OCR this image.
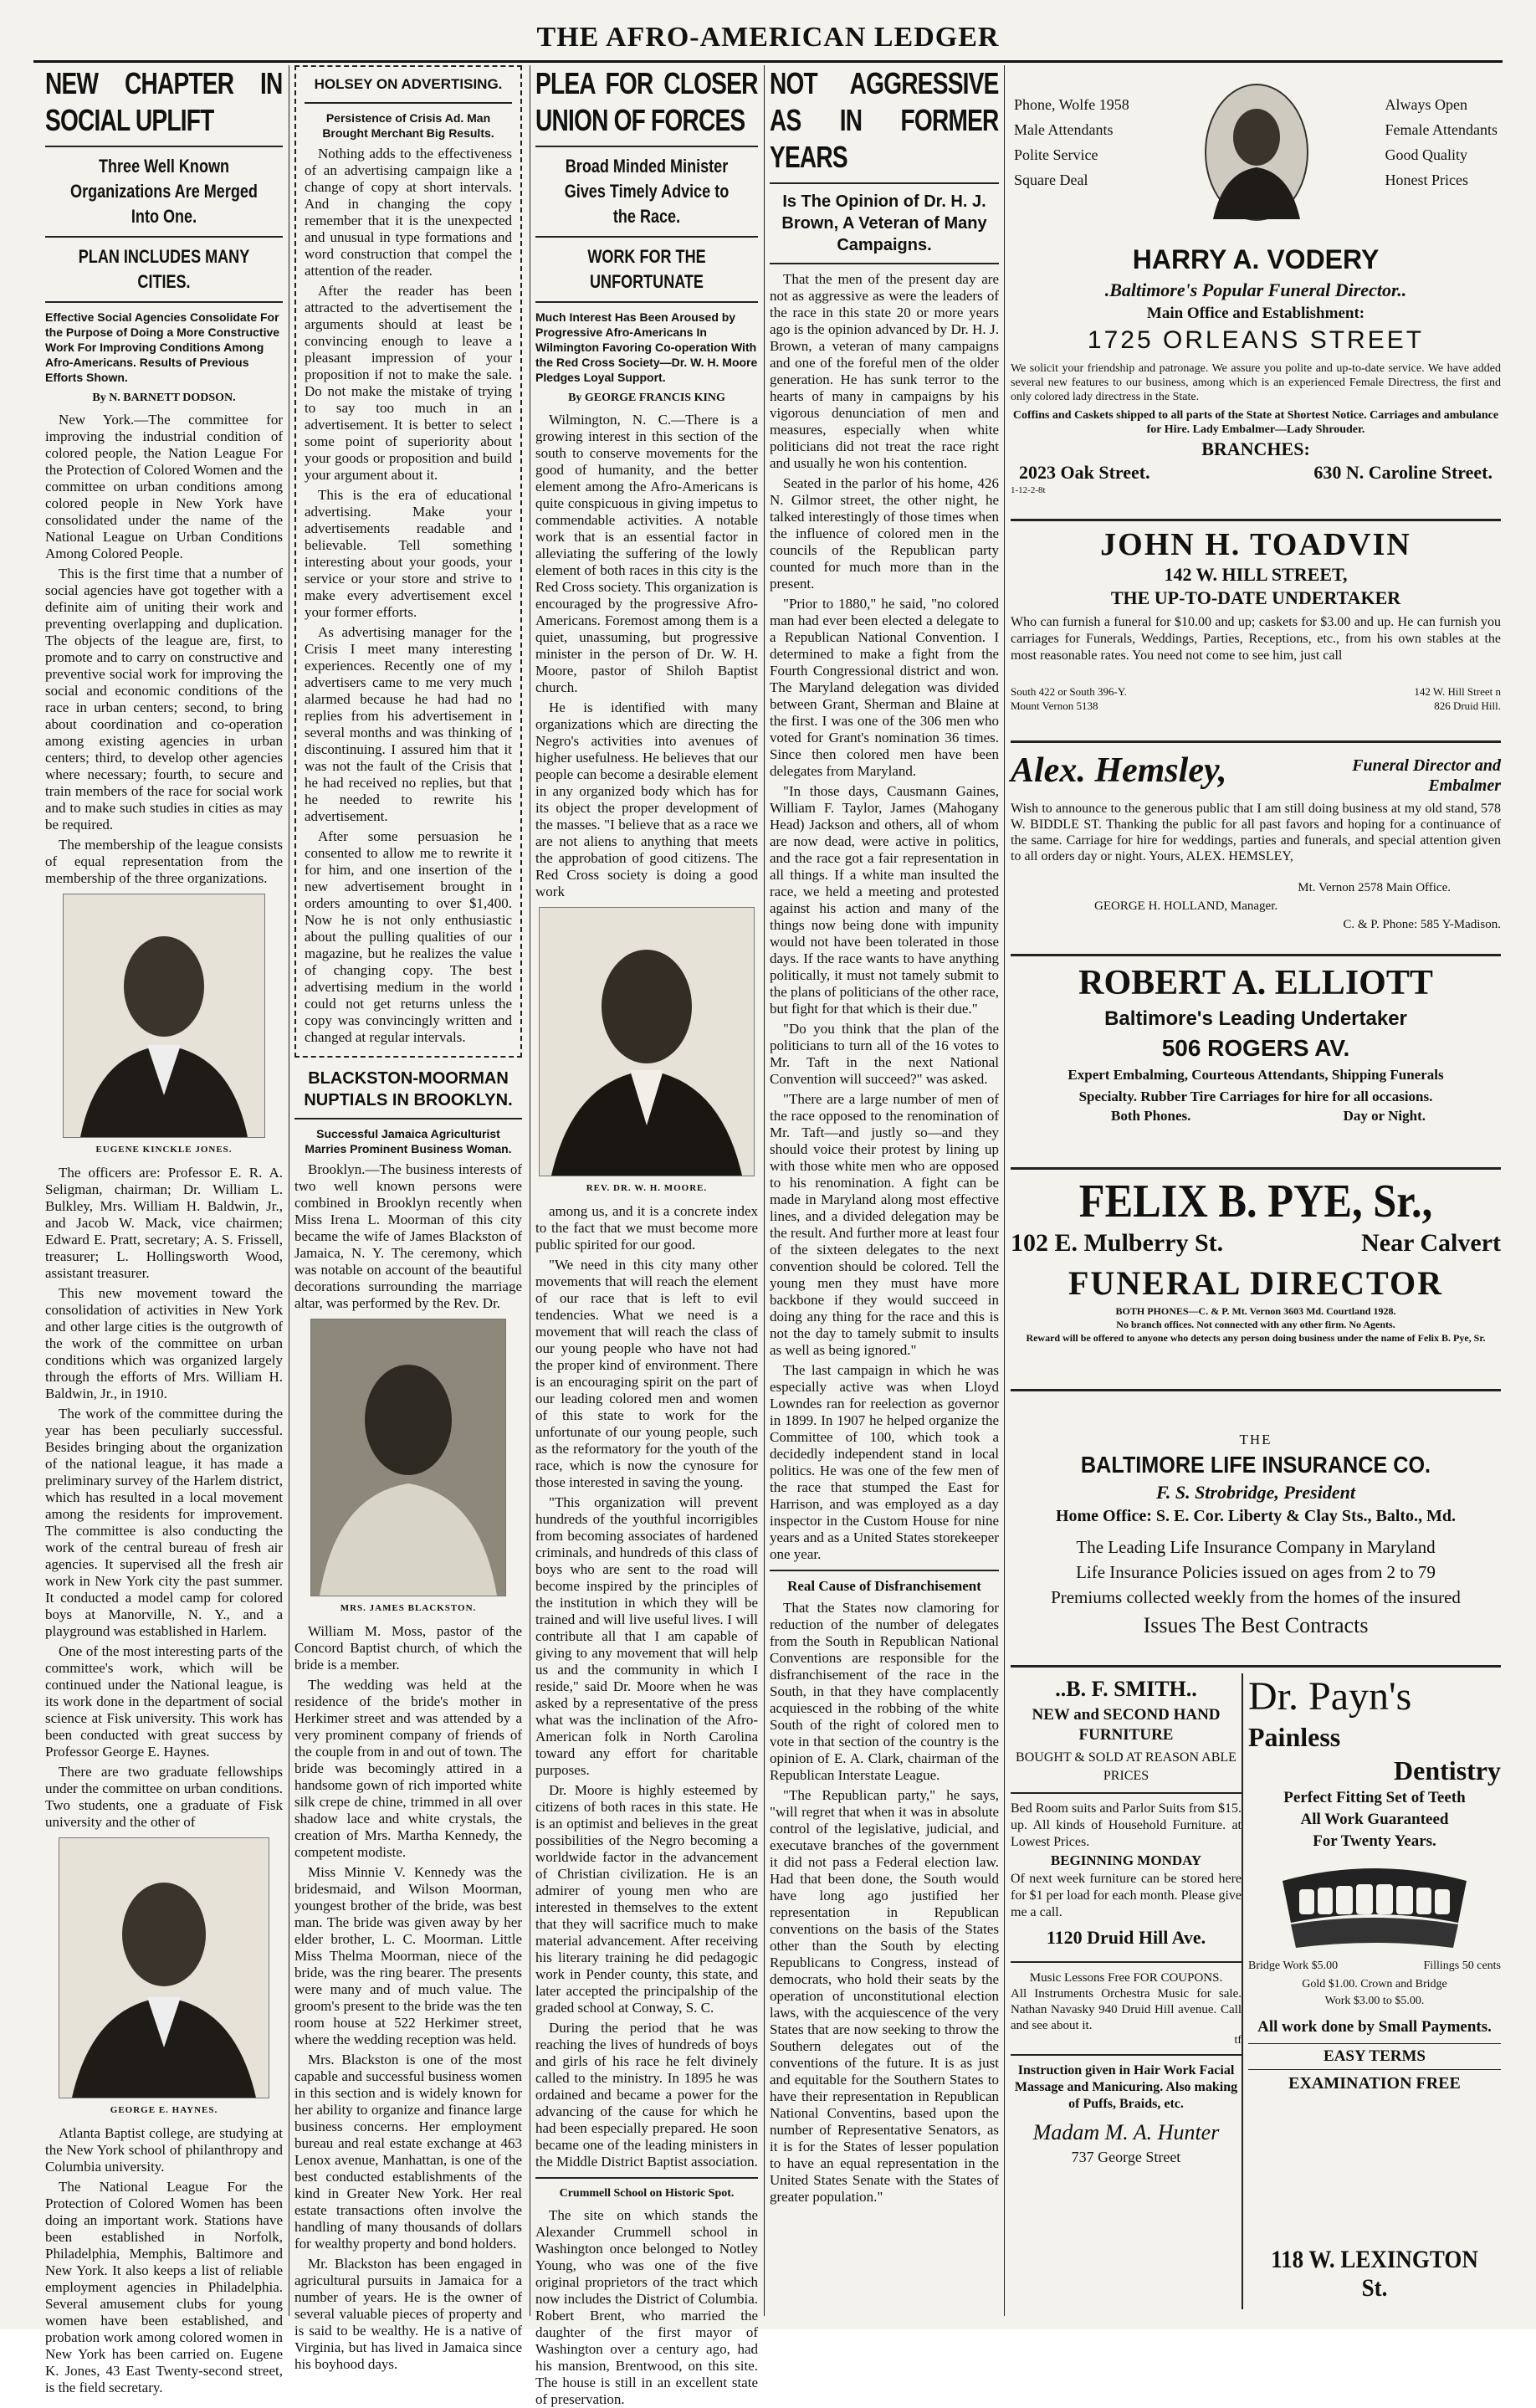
THE AFRO-AMERICAN LEDGER
NEW CHAPTER IN SOCIAL UPLIFT
Three Well Known Organizations Are Merged Into One.
PLAN INCLUDES MANY CITIES.
Effective Social Agencies Consolidate For the Purpose of Doing a More Constructive Work For Improving Conditions Among Afro-Americans. Results of Previous Efforts Shown.
By N. BARNETT DODSON.

New York.—The committee for improving the industrial condition of colored people, the Nation League For the Protection of Colored Women and the committee on urban conditions among colored people in New York have consolidated under the name of the National League on Urban Conditions Among Colored People.

This is the first time that a number of social agencies have got together with a definite aim of uniting their work and preventing overlapping and duplication. The objects of the league are, first, to promote and to carry on constructive and preventive social work for improving the social and economic conditions of the race in urban centers; second, to bring about coordination and co-operation among existing agencies in urban centers; third, to develop other agencies where necessary; fourth, to secure and train members of the race for social work and to make such studies in cities as may be required.

The membership of the league consists of equal representation from the membership of the three organizations.

EUGENE KINCKLE JONES.

The officers are: Professor E. R. A. Seligman, chairman; Dr. William L. Bulkley, Mrs. William H. Baldwin, Jr., and Jacob W. Mack, vice chairmen; Edward E. Pratt, secretary; A. S. Frissell, treasurer; L. Hollingsworth Wood, assistant treasurer.

This new movement toward the consolidation of activities in New York and other large cities is the outgrowth of the work of the committee on urban conditions which was organized largely through the efforts of Mrs. William H. Baldwin, Jr., in 1910.

The work of the committee during the year has been peculiarly successful. Besides bringing about the organization of the national league, it has made a preliminary survey of the Harlem district, which has resulted in a local movement among the residents for improvement. The committee is also conducting the work of the central bureau of fresh air agencies. It supervised all the fresh air work in New York city the past summer. It conducted a model camp for colored boys at Manorville, N. Y., and a playground was established in Harlem.

One of the most interesting parts of the committee's work, which will be continued under the National league, is its work done in the department of social science at Fisk university. This work has been conducted with great success by Professor George E. Haynes.

There are two graduate fellowships under the committee on urban conditions. Two students, one a graduate of Fisk university and the other of

GEORGE E. HAYNES.

Atlanta Baptist college, are studying at the New York school of philanthropy and Columbia university.

The National League For the Protection of Colored Women has been doing an important work. Stations have been established in Norfolk, Philadelphia, Memphis, Baltimore and New York. It also keeps a list of reliable employment agencies in Philadelphia. Several amusement clubs for young women have been established, and probation work among colored women in New York has been carried on. Eugene K. Jones, 43 East Twenty-second street, is the field secretary.

HOLSEY ON ADVERTISING.
Persistence of Crisis Ad. Man Brought Merchant Big Results.

Nothing adds to the effectiveness of an advertising campaign like a change of copy at short intervals. And in changing the copy remember that it is the unexpected and unusual in type formations and word construction that compel the attention of the reader.

After the reader has been attracted to the advertisement the arguments should at least be convincing enough to leave a pleasant impression of your proposition if not to make the sale. Do not make the mistake of trying to say too much in an advertisement. It is better to select some point of superiority about your goods or proposition and build your argument about it.

This is the era of educational advertising. Make your advertisements readable and believable. Tell something interesting about your goods, your service or your store and strive to make every advertisement excel your former efforts.

As advertising manager for the Crisis I meet many interesting experiences. Recently one of my advertisers came to me very much alarmed because he had had no replies from his advertisement in several months and was thinking of discontinuing. I assured him that it was not the fault of the Crisis that he had received no replies, but that he needed to rewrite his advertisement.

After some persuasion he consented to allow me to rewrite it for him, and one insertion of the new advertisement brought in orders amounting to over $1,400. Now he is not only enthusiastic about the pulling qualities of our magazine, but he realizes the value of changing copy. The best advertising medium in the world could not get returns unless the copy was convincingly written and changed at regular intervals.

BLACKSTON-MOORMAN NUPTIALS IN BROOKLYN.
Successful Jamaica Agriculturist Marries Prominent Business Woman.

Brooklyn.—The business interests of two well known persons were combined in Brooklyn recently when Miss Irena L. Moorman of this city became the wife of James Blackston of Jamaica, N. Y. The ceremony, which was notable on account of the beautiful decorations surrounding the marriage altar, was performed by the Rev. Dr.

MRS. JAMES BLACKSTON.

William M. Moss, pastor of the Concord Baptist church, of which the bride is a member.

The wedding was held at the residence of the bride's mother in Herkimer street and was attended by a very prominent company of friends of the couple from in and out of town. The bride was becomingly attired in a handsome gown of rich imported white silk crepe de chine, trimmed in all over shadow lace and white crystals, the creation of Mrs. Martha Kennedy, the competent modiste.

Miss Minnie V. Kennedy was the bridesmaid, and Wilson Moorman, youngest brother of the bride, was best man. The bride was given away by her elder brother, L. C. Moorman. Little Miss Thelma Moorman, niece of the bride, was the ring bearer. The presents were many and of much value. The groom's present to the bride was the ten room house at 522 Herkimer street, where the wedding reception was held.

Mrs. Blackston is one of the most capable and successful business women in this section and is widely known for her ability to organize and finance large business concerns. Her employment bureau and real estate exchange at 463 Lenox avenue, Manhattan, is one of the best conducted establishments of the kind in Greater New York. Her real estate transactions often involve the handling of many thousands of dollars for wealthy property and bond holders.

Mr. Blackston has been engaged in agricultural pursuits in Jamaica for a number of years. He is the owner of several valuable pieces of property and is said to be wealthy. He is a native of Virginia, but has lived in Jamaica since his boyhood days.

PLEA FOR CLOSER UNION OF FORCES
Broad Minded Minister Gives Timely Advice to the Race.
WORK FOR THE UNFORTUNATE
Much Interest Has Been Aroused by Progressive Afro-Americans In Wilmington Favoring Co-operation With the Red Cross Society—Dr. W. H. Moore Pledges Loyal Support.
By GEORGE FRANCIS KING

Wilmington, N. C.—There is a growing interest in this section of the south to conserve movements for the good of humanity, and the better element among the Afro-Americans is quite conspicuous in giving impetus to commendable activities. A notable work that is an essential factor in alleviating the suffering of the lowly element of both races in this city is the Red Cross society. This organization is encouraged by the progressive Afro-Americans. Foremost among them is a quiet, unassuming, but progressive minister in the person of Dr. W. H. Moore, pastor of Shiloh Baptist church.

He is identified with many organizations which are directing the Negro's activities into avenues of higher usefulness. He believes that our people can become a desirable element in any organized body which has for its object the proper development of the masses. "I believe that as a race we are not aliens to anything that meets the approbation of good citizens. The Red Cross society is doing a good work

REV. DR. W. H. MOORE.

among us, and it is a concrete index to the fact that we must become more public spirited for our good.

"We need in this city many other movements that will reach the element of our race that is left to evil tendencies. What we need is a movement that will reach the class of our young people who have not had the proper kind of environment. There is an encouraging spirit on the part of our leading colored men and women of this state to work for the unfortunate of our young people, such as the reformatory for the youth of the race, which is now the cynosure for those interested in saving the young.

"This organization will prevent hundreds of the youthful incorrigibles from becoming associates of hardened criminals, and hundreds of this class of boys who are sent to the road will become inspired by the principles of the institution in which they will be trained and will live useful lives. I will contribute all that I am capable of giving to any movement that will help us and the community in which I reside," said Dr. Moore when he was asked by a representative of the press what was the inclination of the Afro-American folk in North Carolina toward any effort for charitable purposes.

Dr. Moore is highly esteemed by citizens of both races in this state. He is an optimist and believes in the great possibilities of the Negro becoming a worldwide factor in the advancement of Christian civilization. He is an admirer of young men who are interested in themselves to the extent that they will sacrifice much to make material advancement. After receiving his literary training he did pedagogic work in Pender county, this state, and later accepted the principalship of the graded school at Conway, S. C.

During the period that he was reaching the lives of hundreds of boys and girls of his race he felt divinely called to the ministry. In 1895 he was ordained and became a power for the advancing of the cause for which he had been especially prepared. He soon became one of the leading ministers in the Middle District Baptist association.

Crummell School on Historic Spot.

The site on which stands the Alexander Crummell school in Washington once belonged to Notley Young, who was one of the five original proprietors of the tract which now includes the District of Columbia. Robert Brent, who married the daughter of the first mayor of Washington over a century ago, had his mansion, Brentwood, on this site. The house is still in an excellent state of preservation.

NOT AGGRESSIVE AS IN FORMER YEARS
Is The Opinion of Dr. H. J. Brown, A Veteran of Many Campaigns.

That the men of the present day are not as aggressive as were the leaders of the race in this state 20 or more years ago is the opinion advanced by Dr. H. J. Brown, a veteran of many campaigns and one of the foreful men of the older generation. He has sunk terror to the hearts of many in campaigns by his vigorous denunciation of men and measures, especially when white politicians did not treat the race right and usually he won his contention.

Seated in the parlor of his home, 426 N. Gilmor street, the other night, he talked interestingly of those times when the influence of colored men in the councils of the Republican party counted for much more than in the present.

"Prior to 1880," he said, "no colored man had ever been elected a delegate to a Republican National Convention. I determined to make a fight from the Fourth Congressional district and won. The Maryland delegation was divided between Grant, Sherman and Blaine at the first. I was one of the 306 men who voted for Grant's nomination 36 times. Since then colored men have been delegates from Maryland.

"In those days, Causmann Gaines, William F. Taylor, James (Mahogany Head) Jackson and others, all of whom are now dead, were active in politics, and the race got a fair representation in all things. If a white man insulted the race, we held a meeting and protested against his action and many of the things now being done with impunity would not have been tolerated in those days. If the race wants to have anything politically, it must not tamely submit to the plans of politicians of the other race, but fight for that which is their due."

"Do you think that the plan of the politicians to turn all of the 16 votes to Mr. Taft in the next National Convention will succeed?" was asked.

"There are a large number of men of the race opposed to the renomination of Mr. Taft—and justly so—and they should voice their protest by lining up with those white men who are opposed to his renomination. A fight can be made in Maryland along most effective lines, and a divided delegation may be the result. And further more at least four of the sixteen delegates to the next convention should be colored. Tell the young men they must have more backbone if they would succeed in doing any thing for the race and this is not the day to tamely submit to insults as well as being ignored."

The last campaign in which he was especially active was when Lloyd Lowndes ran for reelection as governor in 1899. In 1907 he helped organize the Committee of 100, which took a decidedly independent stand in local politics. He was one of the few men of the race that stumped the East for Harrison, and was employed as a day inspector in the Custom House for nine years and as a United States storekeeper one year.

Real Cause of Disfranchisement

That the States now clamoring for reduction of the number of delegates from the South in Republican National Conventions are responsible for the disfranchisement of the race in the South, in that they have complacently acquiesced in the robbing of the white South of the right of colored men to vote in that section of the country is the opinion of E. A. Clark, chairman of the Republican Interstate League.

"The Republican party," he says, "will regret that when it was in absolute control of the legislative, judicial, and executave branches of the government it did not pass a Federal election law. Had that been done, the South would have long ago justified her representation in Republican conventions on the basis of the States other than the South by electing Republicans to Congress, instead of democrats, who hold their seats by the operation of unconstitutional election laws, with the acquiescence of the very States that are now seeking to throw the Southern delegates out of the conventions of the future. It is as just and equitable for the Southern States to have their representation in Republican National Conventins, based upon the number of Representative Senators, as it is for the States of lesser population to have an equal representation in the United States Senate with the States of greater population."

Phone, Wolfe 1958
Male Attendants
Polite Service
Square Deal
Always Open
Female Attendants
Good Quality
Honest Prices
HARRY A. VODERY
.Baltimore's Popular Funeral Director..
Main Office and Establishment:
1725 ORLEANS STREET
We solicit your friendship and patronage. We assure you polite and up-to-date service. We have added several new features to our business, among which is an experienced Female Directress, the first and only colored lady directress in the State.
Coffins and Caskets shipped to all parts of the State at Shortest Notice. Carriages and ambulance for Hire. Lady Embalmer—Lady Shrouder.
BRANCHES:
2023 Oak Street.	630 N. Caroline Street.
1-12-2-8t
JOHN H. TOADVIN
142 W. HILL STREET,
THE UP-TO-DATE UNDERTAKER
Who can furnish a funeral for $10.00 and up; caskets for $3.00 and up. He can furnish you carriages for Funerals, Weddings, Parties, Receptions, etc., from his own stables at the most reasonable rates. You need not come to see him, just call
South 422 or South 396-Y.
Mount Vernon 5138
142 W. Hill Street n
826 Druid Hill.
Alex. Hemsley,	Funeral Director and Embalmer
Wish to announce to the generous public that I am still doing business at my old stand, 578 W. BIDDLE ST. Thanking the public for all past favors and hoping for a continuance of the same. Carriage for hire for weddings, parties and funerals, and special attention given to all orders day or night. Yours, ALEX. HEMSLEY,
Mt. Vernon 2578 Main Office.
GEORGE H. HOLLAND, Manager.
C. & P. Phone: 585 Y-Madison.
ROBERT A. ELLIOTT
Baltimore's Leading Undertaker
506 ROGERS AV.
Expert Embalming, Courteous Attendants, Shipping Funerals
Specialty. Rubber Tire Carriages for hire for all occasions.
Both Phones.	Day or Night.
FELIX B. PYE, Sr.,
102 E. Mulberry St.	Near Calvert
FUNERAL DIRECTOR
BOTH PHONES—C. & P. Mt. Vernon 3603 Md. Courtland 1928.
No branch offices. Not connected with any other firm. No Agents.
Reward will be offered to anyone who detects any person doing business under the name of Felix B. Pye, Sr.
THE
BALTIMORE LIFE INSURANCE CO.
F. S. Strobridge, President
Home Office: S. E. Cor. Liberty & Clay Sts., Balto., Md.
The Leading Life Insurance Company in Maryland
Life Insurance Policies issued on ages from 2 to 79
Premiums collected weekly from the homes of the insured
Issues The Best Contracts
..B. F. SMITH..
NEW and SECOND HAND FURNITURE
BOUGHT & SOLD AT REASON ABLE PRICES
Bed Room suits and Parlor Suits from $15. up. All kinds of Household Furniture. at Lowest Prices.
BEGINNING MONDAY
Of next week furniture can be stored here for $1 per load for each month. Please give me a call.
1120 Druid Hill Ave.
Music Lessons Free FOR COUPONS.
All Instruments Orchestra Music for sale. Nathan Navasky 940 Druid Hill avenue. Call and see about it.
tf
Instruction given in Hair Work Facial Massage and Manicuring. Also making of Puffs, Braids, etc.
Madam M. A. Hunter
737 George Street
Dr. Payn's
Painless
Dentistry
Perfect Fitting Set of Teeth
All Work Guaranteed
For Twenty Years.
Bridge Work $5.00	Fillings 50 cents
Gold $1.00. Crown and Bridge
Work $3.00 to $5.00.
All work done by Small Payments.
EASY TERMS
EXAMINATION FREE
118 W. LEXINGTON St.
